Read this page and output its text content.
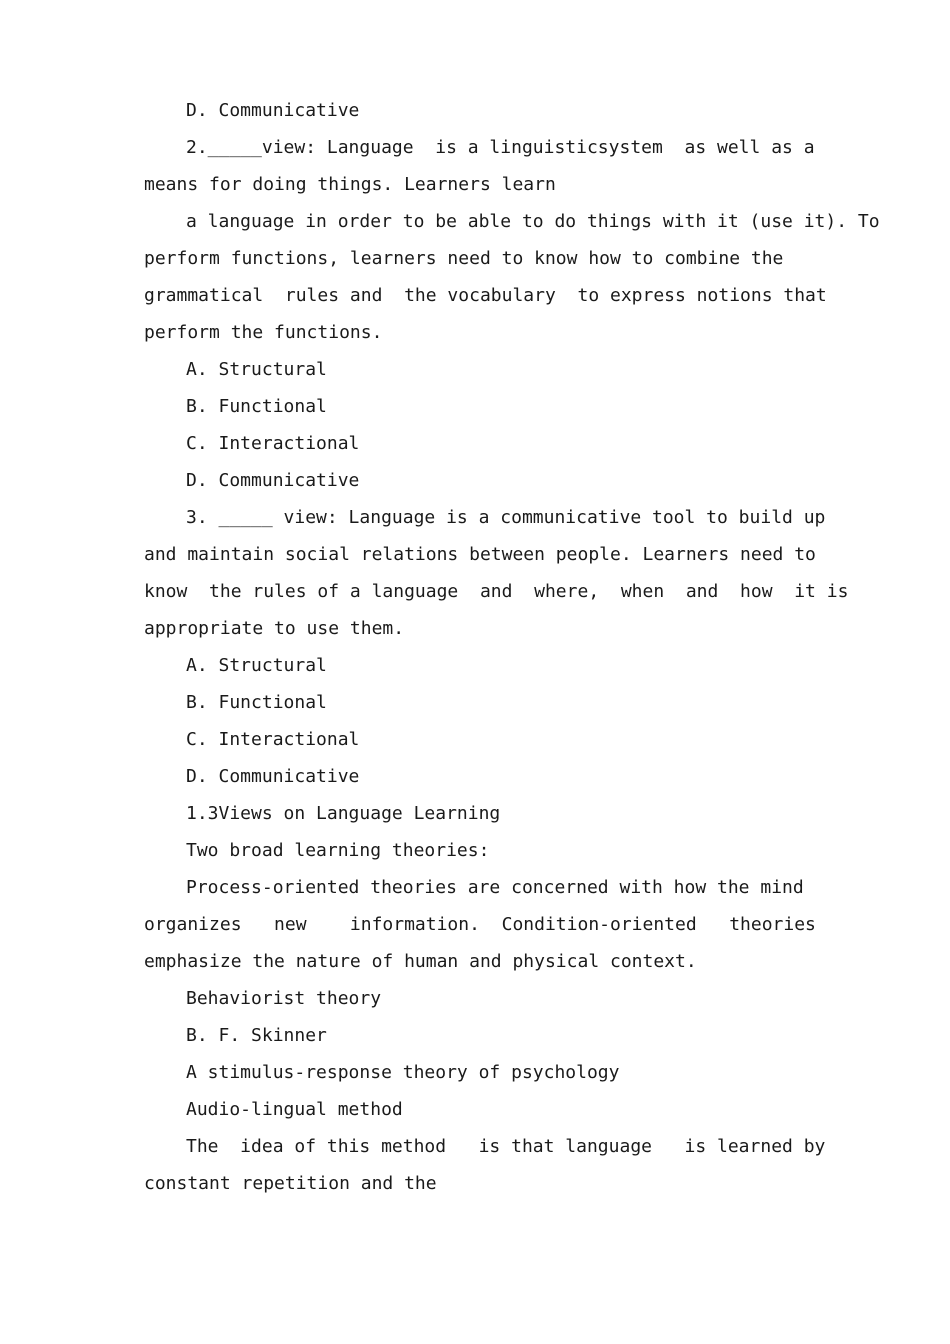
D. Communicative
2._____view: Language  is a linguisticsystem  as well as a
means for doing things. Learners learn
a language in order to be able to do things with it (use it). To
perform functions, learners need to know how to combine the
grammatical  rules and  the vocabulary  to express notions that
perform the functions.
A. Structural
B. Functional
C. Interactional
D. Communicative
3. _____ view: Language is a communicative tool to build up
and maintain social relations between people. Learners need to
know  the rules of a language  and  where,  when  and  how  it is
appropriate to use them.
A. Structural
B. Functional
C. Interactional
D. Communicative
1.3Views on Language Learning
Two broad learning theories:
Process-oriented theories are concerned with how the mind
organizes   new    information.  Condition-oriented   theories
emphasize the nature of human and physical context.
Behaviorist theory
B. F. Skinner
A stimulus-response theory of psychology
Audio-lingual method
The  idea of this method   is that language   is learned by
constant repetition and the
